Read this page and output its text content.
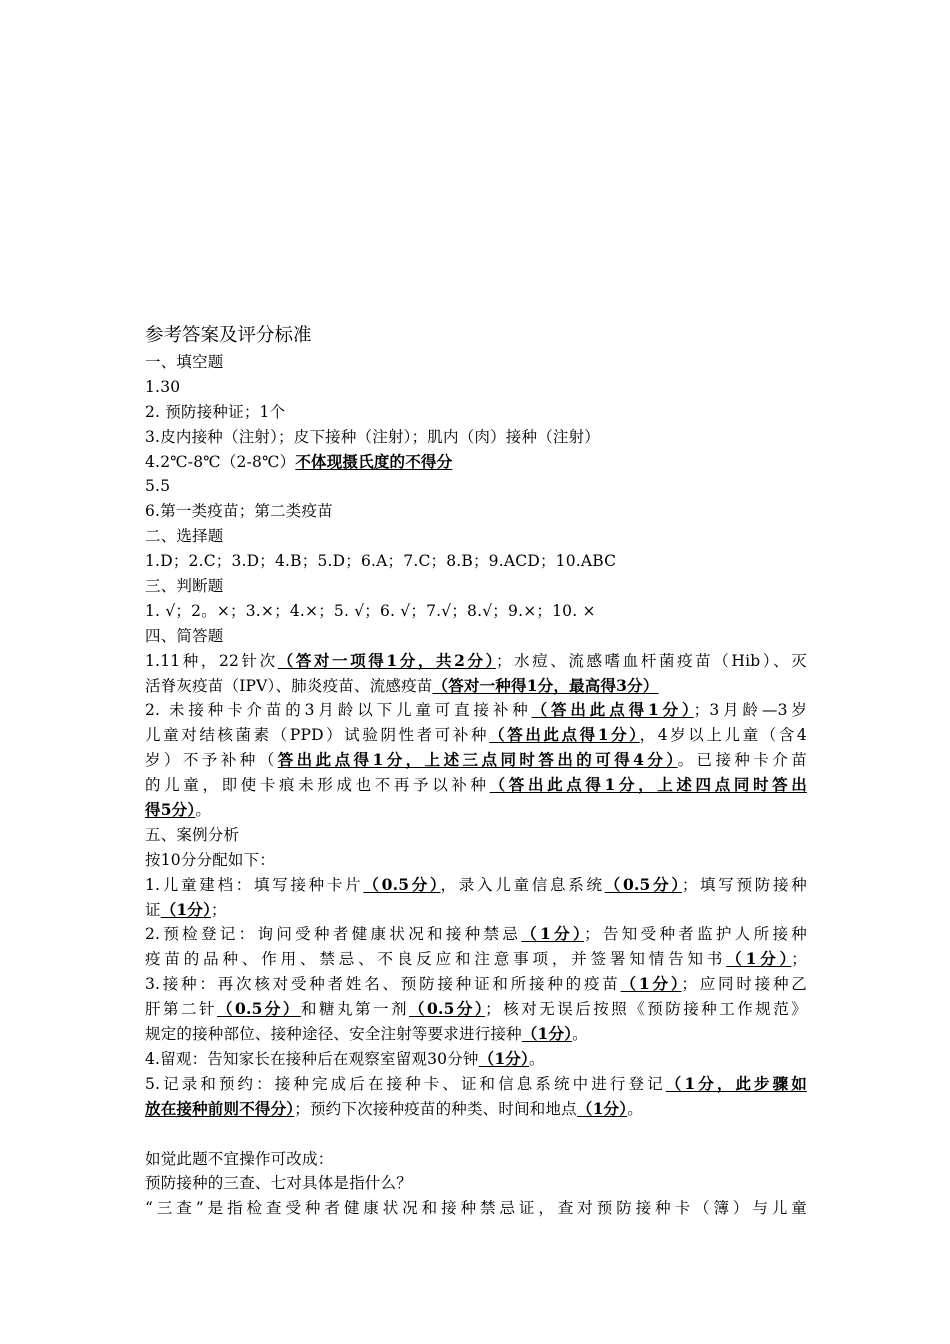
参考答案及评分标准
一、填空题
1.30
2. 预防接种证；1个
3.皮内接种（注射）；皮下接种（注射）；肌内（肉）接种（注射）
4.2℃-8℃（2-8℃）不体现摄氏度的不得分
5.5
6.第一类疫苗；第二类疫苗
二、选择题
1.D；2.C；3.D；4.B；5.D；6.A；7.C；8.B；9.ACD；10.ABC
三、判断题
1. √；2。×；3.×；4.×；5. √；6. √；7.√；8.√；9.×；10. ×
四、简答题
1.11种，22针次（答对一项得1分，共2分）；水痘、流感嗜血杆菌疫苗（Hib）、灭
活脊灰疫苗（IPV）、肺炎疫苗、流感疫苗（答对一种得1分，最高得3分）
2. 未接种卡介苗的3月龄以下儿童可直接补种（答出此点得1分）；3月龄—3岁
儿童对结核菌素（PPD）试验阴性者可补种（答出此点得1分），4岁以上儿童（含4
岁）不予补种（答出此点得1分，上述三点同时答出的可得4分）。已接种卡介苗
的儿童，即使卡痕未形成也不再予以补种（答出此点得1分，上述四点同时答出
得5分）。
五、案例分析
按10分分配如下：
1.儿童建档：填写接种卡片（0.5分），录入儿童信息系统（0.5分）；填写预防接种
证（1分）；
2.预检登记：询问受种者健康状况和接种禁忌（1分）；告知受种者监护人所接种
疫苗的品种、作用、禁忌、不良反应和注意事项，并签署知情告知书（1分）；
3.接种：再次核对受种者姓名、预防接种证和所接种的疫苗（1分）；应同时接种乙
肝第二针（0.5分）和糖丸第一剂（0.5分）；核对无误后按照《预防接种工作规范》
规定的接种部位、接种途径、安全注射等要求进行接种（1分）。
4.留观：告知家长在接种后在观察室留观30分钟（1分）。
5.记录和预约：接种完成后在接种卡、证和信息系统中进行登记（1分，此步骤如
放在接种前则不得分）；预约下次接种疫苗的种类、时间和地点（1分）。
如觉此题不宜操作可改成：
预防接种的三查、七对具体是指什么？
“三查”是指检查受种者健康状况和接种禁忌证，查对预防接种卡（簿）与儿童
